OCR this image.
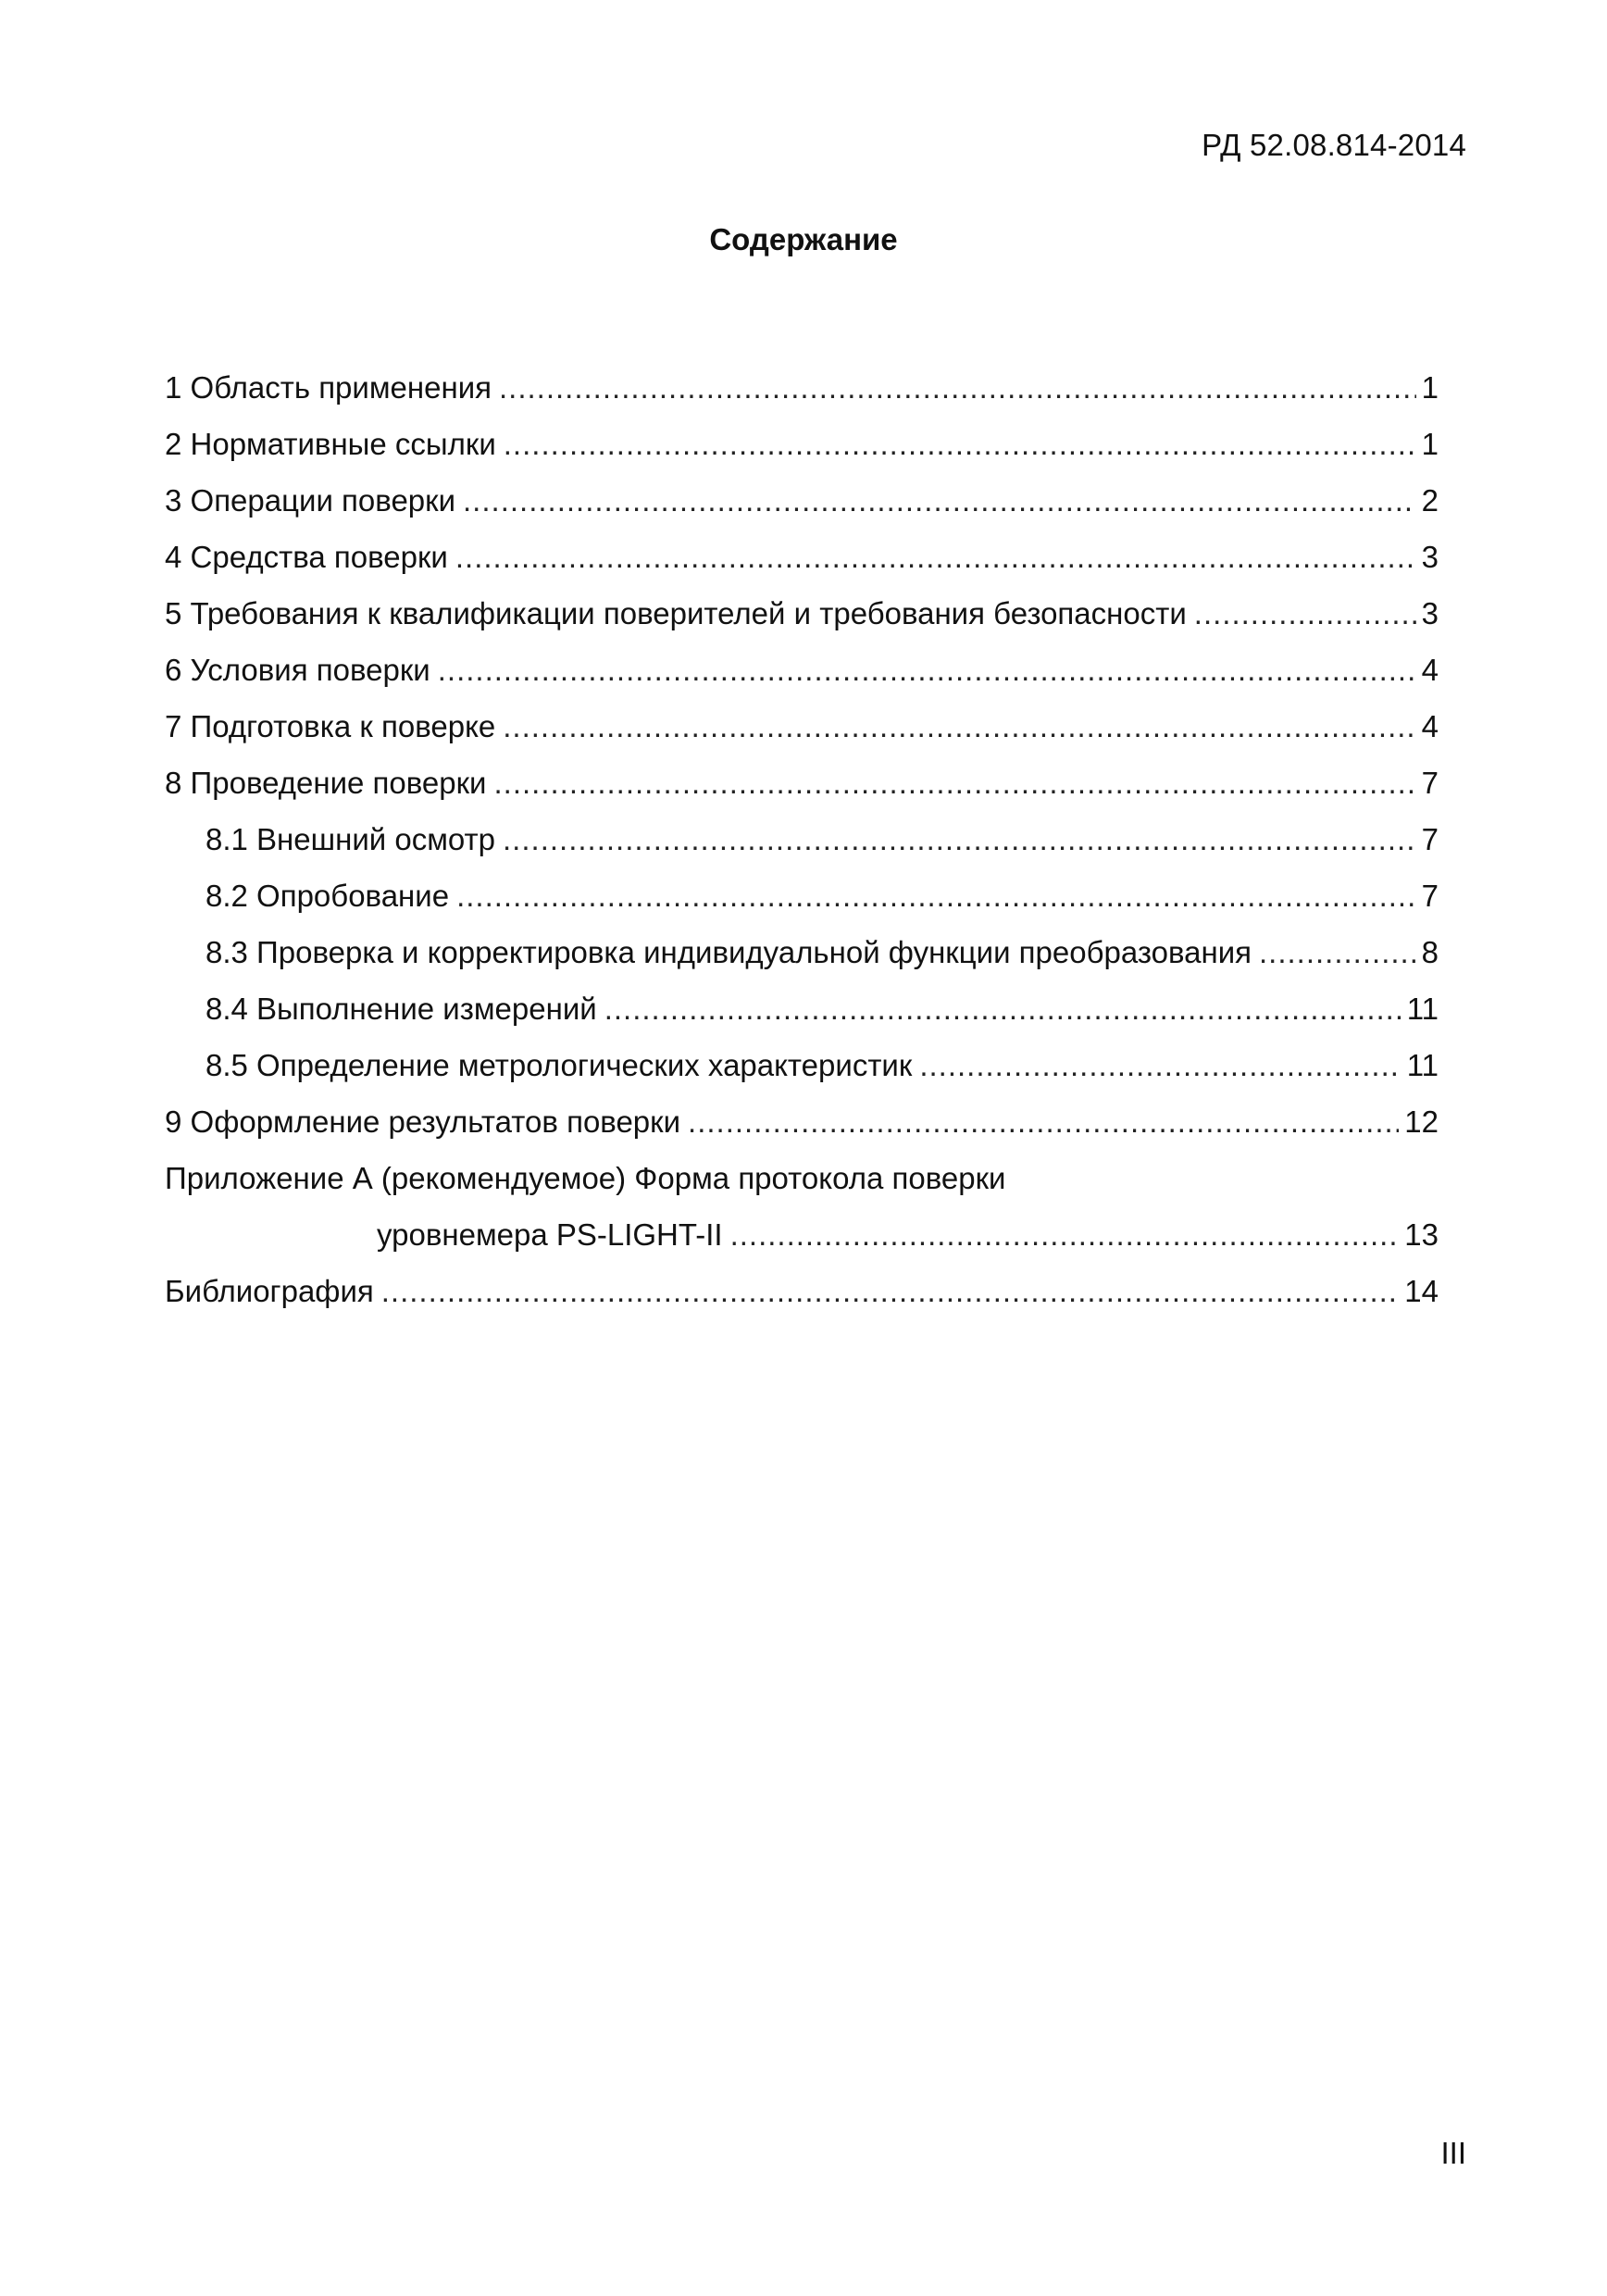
РД 52.08.814-2014
Содержание
1 Область применения .....	1
2 Нормативные ссылки .....	1
3 Операции поверки .....	2
4 Средства поверки .....	3
5 Требования к квалификации поверителей и требования безопасности .....	3
6 Условия поверки .....	4
7 Подготовка к поверке .....	4
8 Проведение поверки .....	7
8.1 Внешний осмотр .....	7
8.2 Опробование .....	7
8.3 Проверка и корректировка индивидуальной функции преобразования .....	8
8.4 Выполнение измерений .....	11
8.5 Определение метрологических характеристик .....	11
9 Оформление результатов поверки .....	12
Приложение А (рекомендуемое) Форма протокола поверки
уровнемера PS-LIGHT-II .....	13
Библиография .....	14
III
